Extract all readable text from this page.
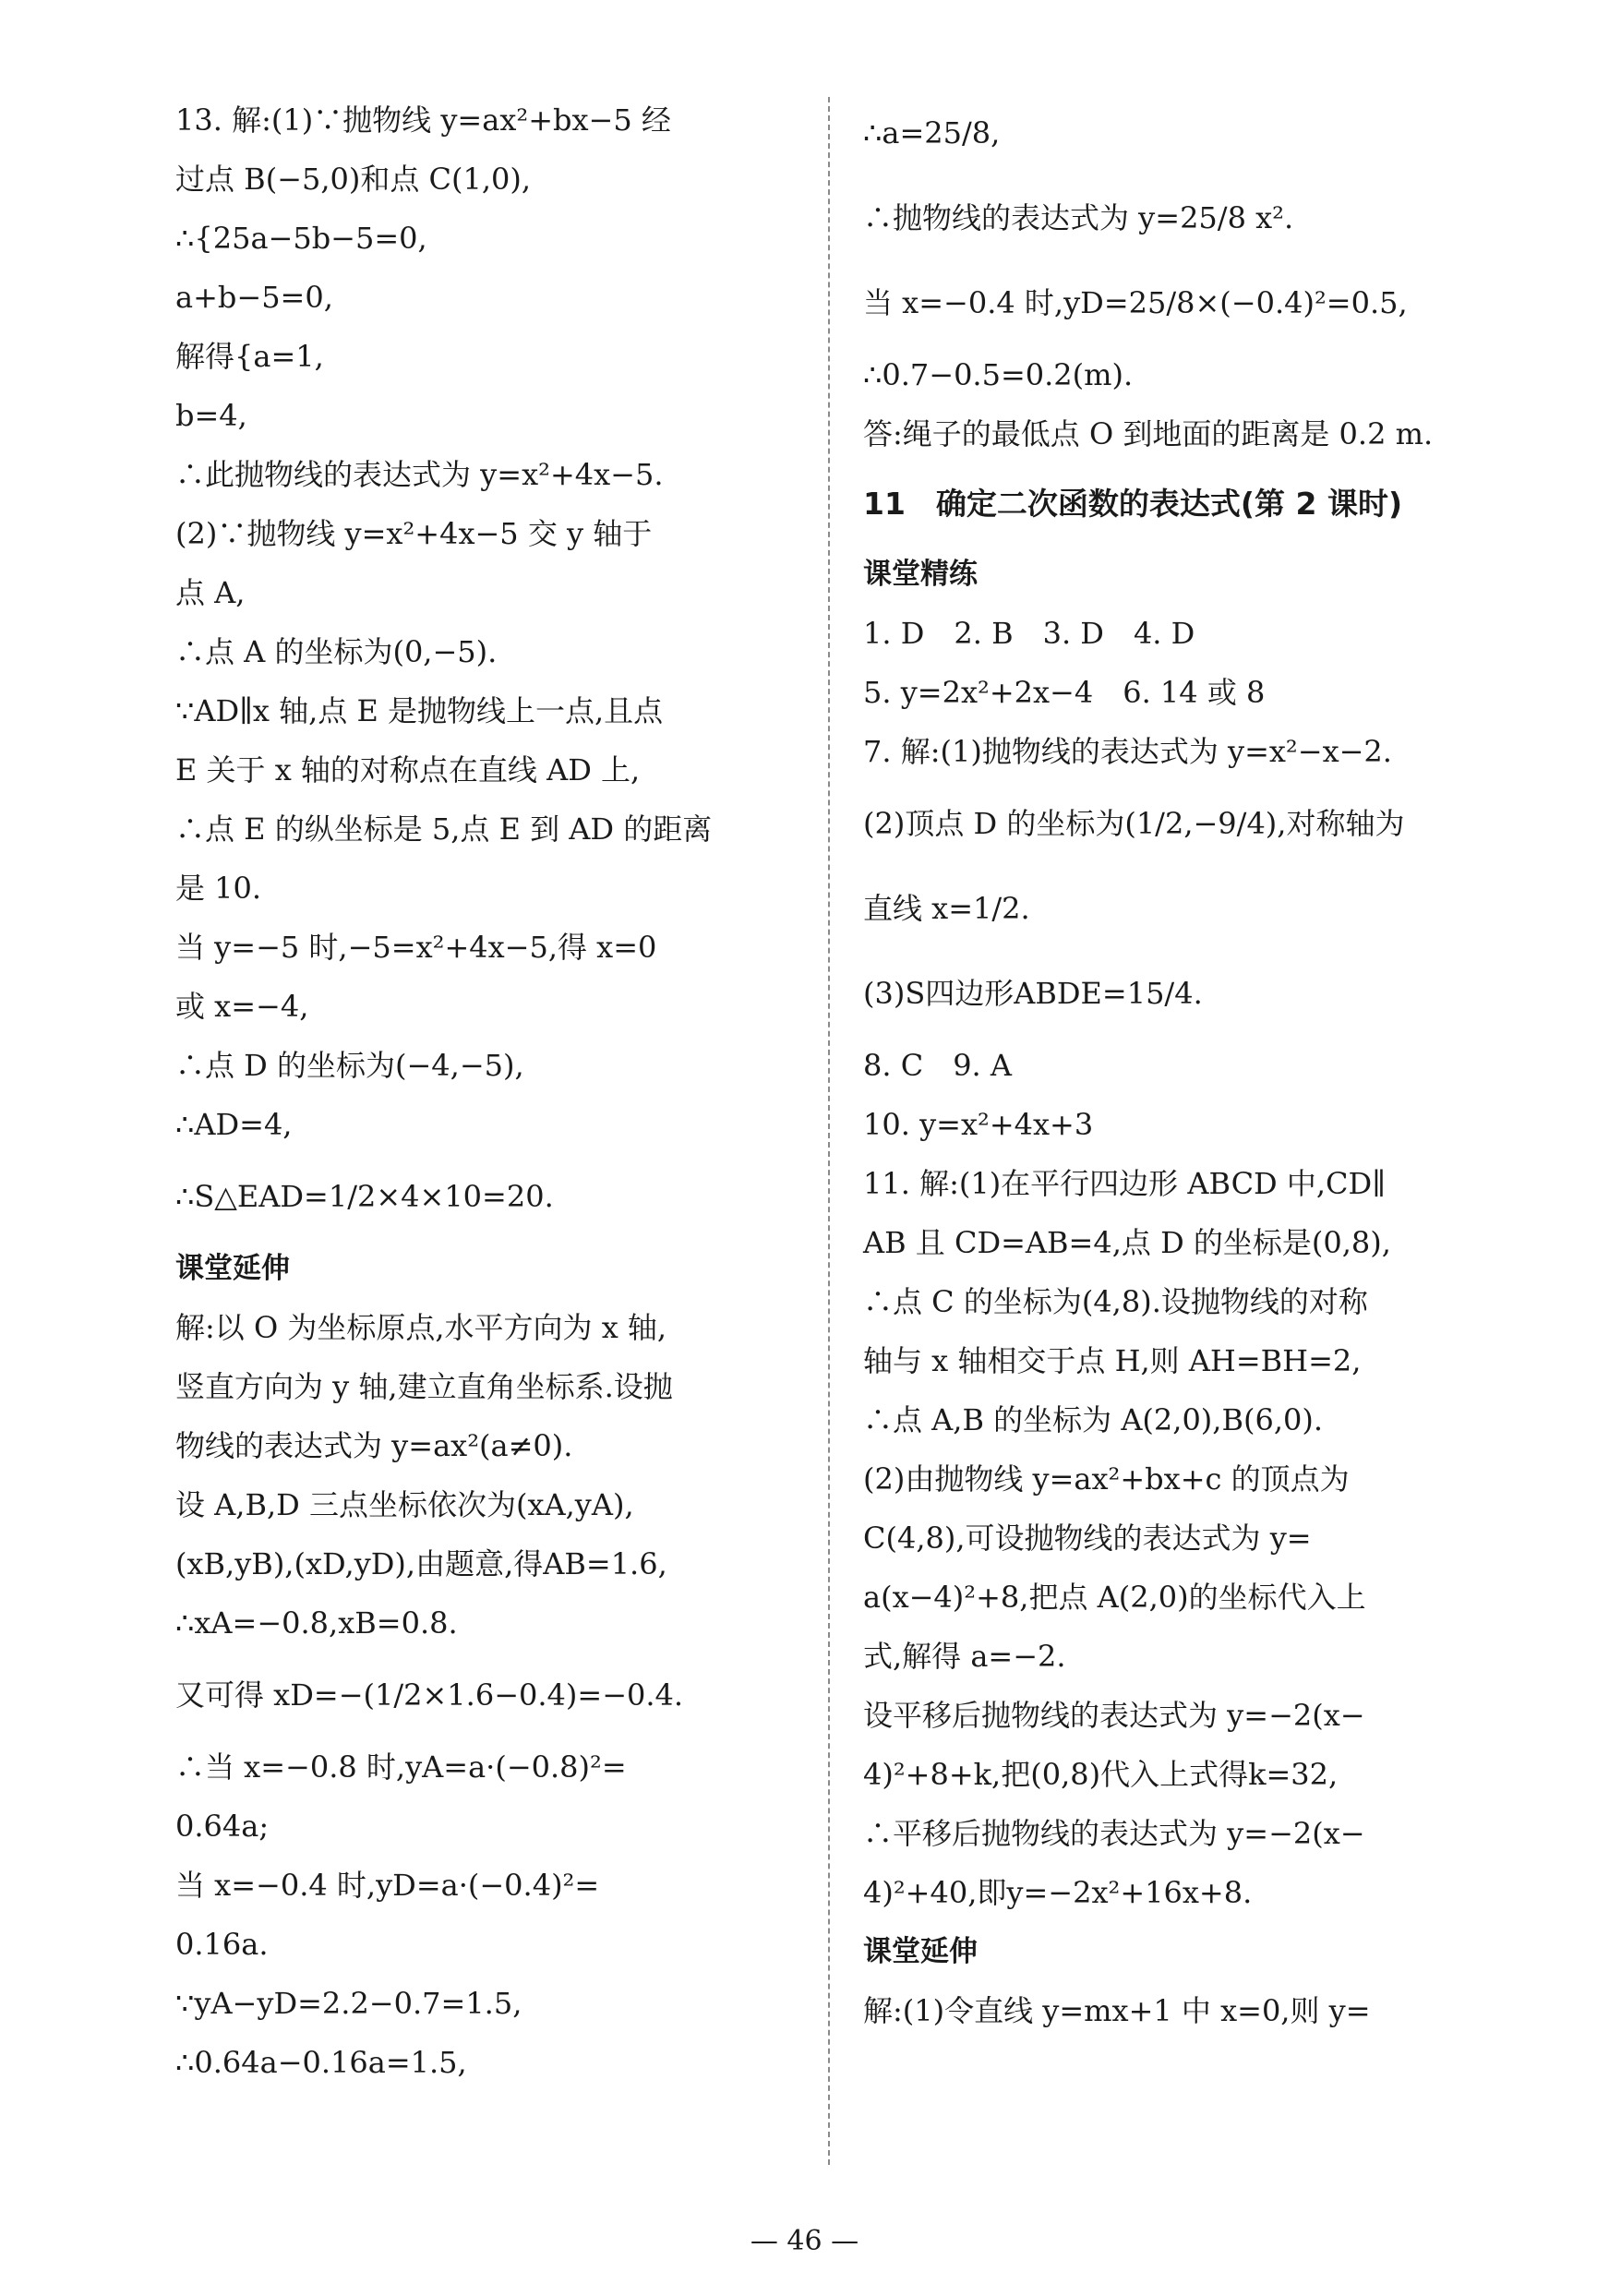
13. 解:(1)∵抛物线 y=ax²+bx−5 经
过点 B(−5,0)和点 C(1,0),
∴{25a−5b−5=0,
a+b−5=0,
解得{a=1,
b=4,
∴此抛物线的表达式为 y=x²+4x−5.
(2)∵抛物线 y=x²+4x−5 交 y 轴于
点 A,
∴点 A 的坐标为(0,−5).
∵AD∥x 轴,点 E 是抛物线上一点,且点
E 关于 x 轴的对称点在直线 AD 上,
∴点 E 的纵坐标是 5,点 E 到 AD 的距离
是 10.
当 y=−5 时,−5=x²+4x−5,得 x=0
或 x=−4,
∴点 D 的坐标为(−4,−5),
∴AD=4,
∴S△EAD=1/2×4×10=20.
课堂延伸
解:以 O 为坐标原点,水平方向为 x 轴,
竖直方向为 y 轴,建立直角坐标系.设抛
物线的表达式为 y=ax²(a≠0).
设 A,B,D 三点坐标依次为(xA,yA),
(xB,yB),(xD,yD),由题意,得AB=1.6,
∴xA=−0.8,xB=0.8.
又可得 xD=−(1/2×1.6−0.4)=−0.4.
∴当 x=−0.8 时,yA=a·(−0.8)²=
0.64a;
当 x=−0.4 时,yD=a·(−0.4)²=
0.16a.
∵yA−yD=2.2−0.7=1.5,
∴0.64a−0.16a=1.5,
∴a=25/8,
∴抛物线的表达式为 y=25/8 x².
当 x=−0.4 时,yD=25/8×(−0.4)²=0.5,
∴0.7−0.5=0.2(m).
答:绳子的最低点 O 到地面的距离是 0.2 m.
11　确定二次函数的表达式(第 2 课时)
课堂精练
1. D　2. B　3. D　4. D
5. y=2x²+2x−4　6. 14 或 8
7. 解:(1)抛物线的表达式为 y=x²−x−2.
(2)顶点 D 的坐标为(1/2,−9/4),对称轴为
直线 x=1/2.
(3)S四边形ABDE=15/4.
8. C　9. A
10. y=x²+4x+3
11. 解:(1)在平行四边形 ABCD 中,CD∥
AB 且 CD=AB=4,点 D 的坐标是(0,8),
∴点 C 的坐标为(4,8).设抛物线的对称
轴与 x 轴相交于点 H,则 AH=BH=2,
∴点 A,B 的坐标为 A(2,0),B(6,0).
(2)由抛物线 y=ax²+bx+c 的顶点为
C(4,8),可设抛物线的表达式为 y=
a(x−4)²+8,把点 A(2,0)的坐标代入上
式,解得 a=−2.
设平移后抛物线的表达式为 y=−2(x−
4)²+8+k,把(0,8)代入上式得k=32,
∴平移后抛物线的表达式为 y=−2(x−
4)²+40,即y=−2x²+16x+8.
课堂延伸
解:(1)令直线 y=mx+1 中 x=0,则 y=
— 46 —
